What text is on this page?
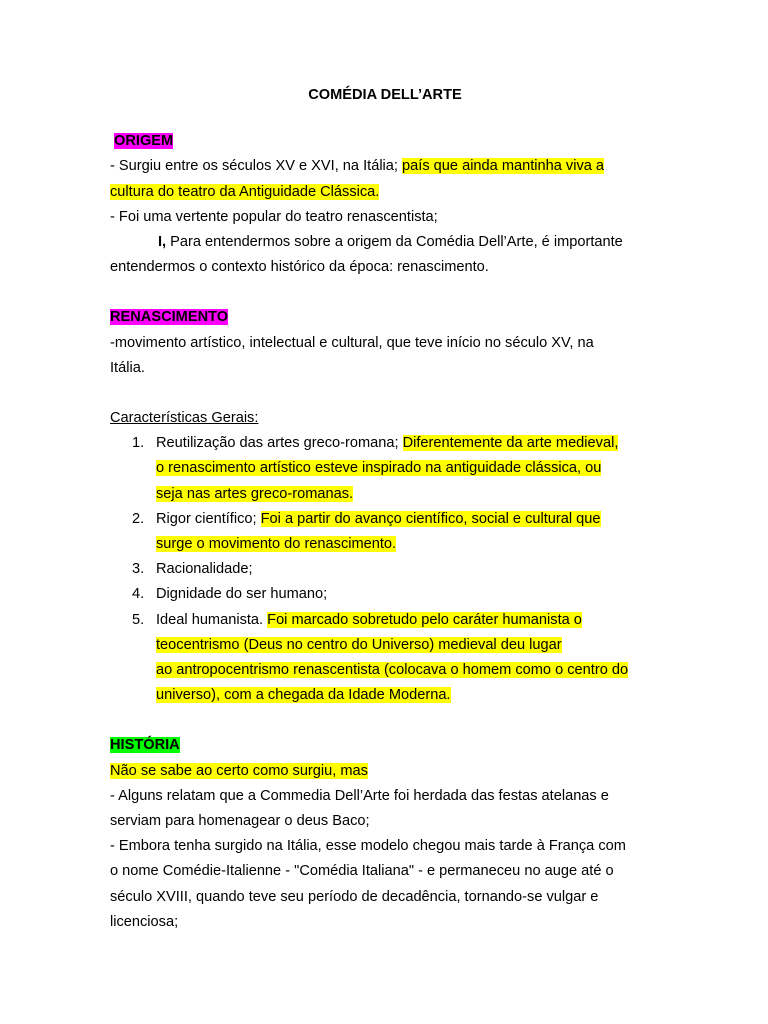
COMÉDIA DELL’ARTE

ORIGEM

- Surgiu entre os séculos XV e XVI, na Itália; país que ainda mantinha viva a

cultura do teatro da Antiguidade Clássica.

- Foi uma vertente popular do teatro renascentista;

I, Para entendermos sobre a origem da Comédia Dell’Arte, é importante

entendermos o contexto histórico da época: renascimento.

RENASCIMENTO

-movimento artístico, intelectual e cultural, que teve início no século XV, na

Itália.

Características Gerais:

1. Reutilização das artes greco-romana; Diferentemente da arte medieval,

o renascimento artístico esteve inspirado na antiguidade clássica, ou

seja nas artes greco-romanas.

2. Rigor científico; Foi a partir do avanço científico, social e cultural que

surge o movimento do renascimento.

3. Racionalidade;

4. Dignidade do ser humano;

5. Ideal humanista. Foi marcado sobretudo pelo caráter humanista o

teocentrismo (Deus no centro do Universo) medieval deu lugar

ao antropocentrismo renascentista (colocava o homem como o centro do

universo), com a chegada da Idade Moderna.

HISTÓRIA

Não se sabe ao certo como surgiu, mas

- Alguns relatam que a Commedia Dell’Arte foi herdada das festas atelanas e

serviam para homenagear o deus Baco;

- Embora tenha surgido na Itália, esse modelo chegou mais tarde à França com

o nome Comédie-Italienne - "Comédia Italiana" - e permaneceu no auge até o

século XVIII, quando teve seu período de decadência, tornando-se vulgar e

licenciosa;
